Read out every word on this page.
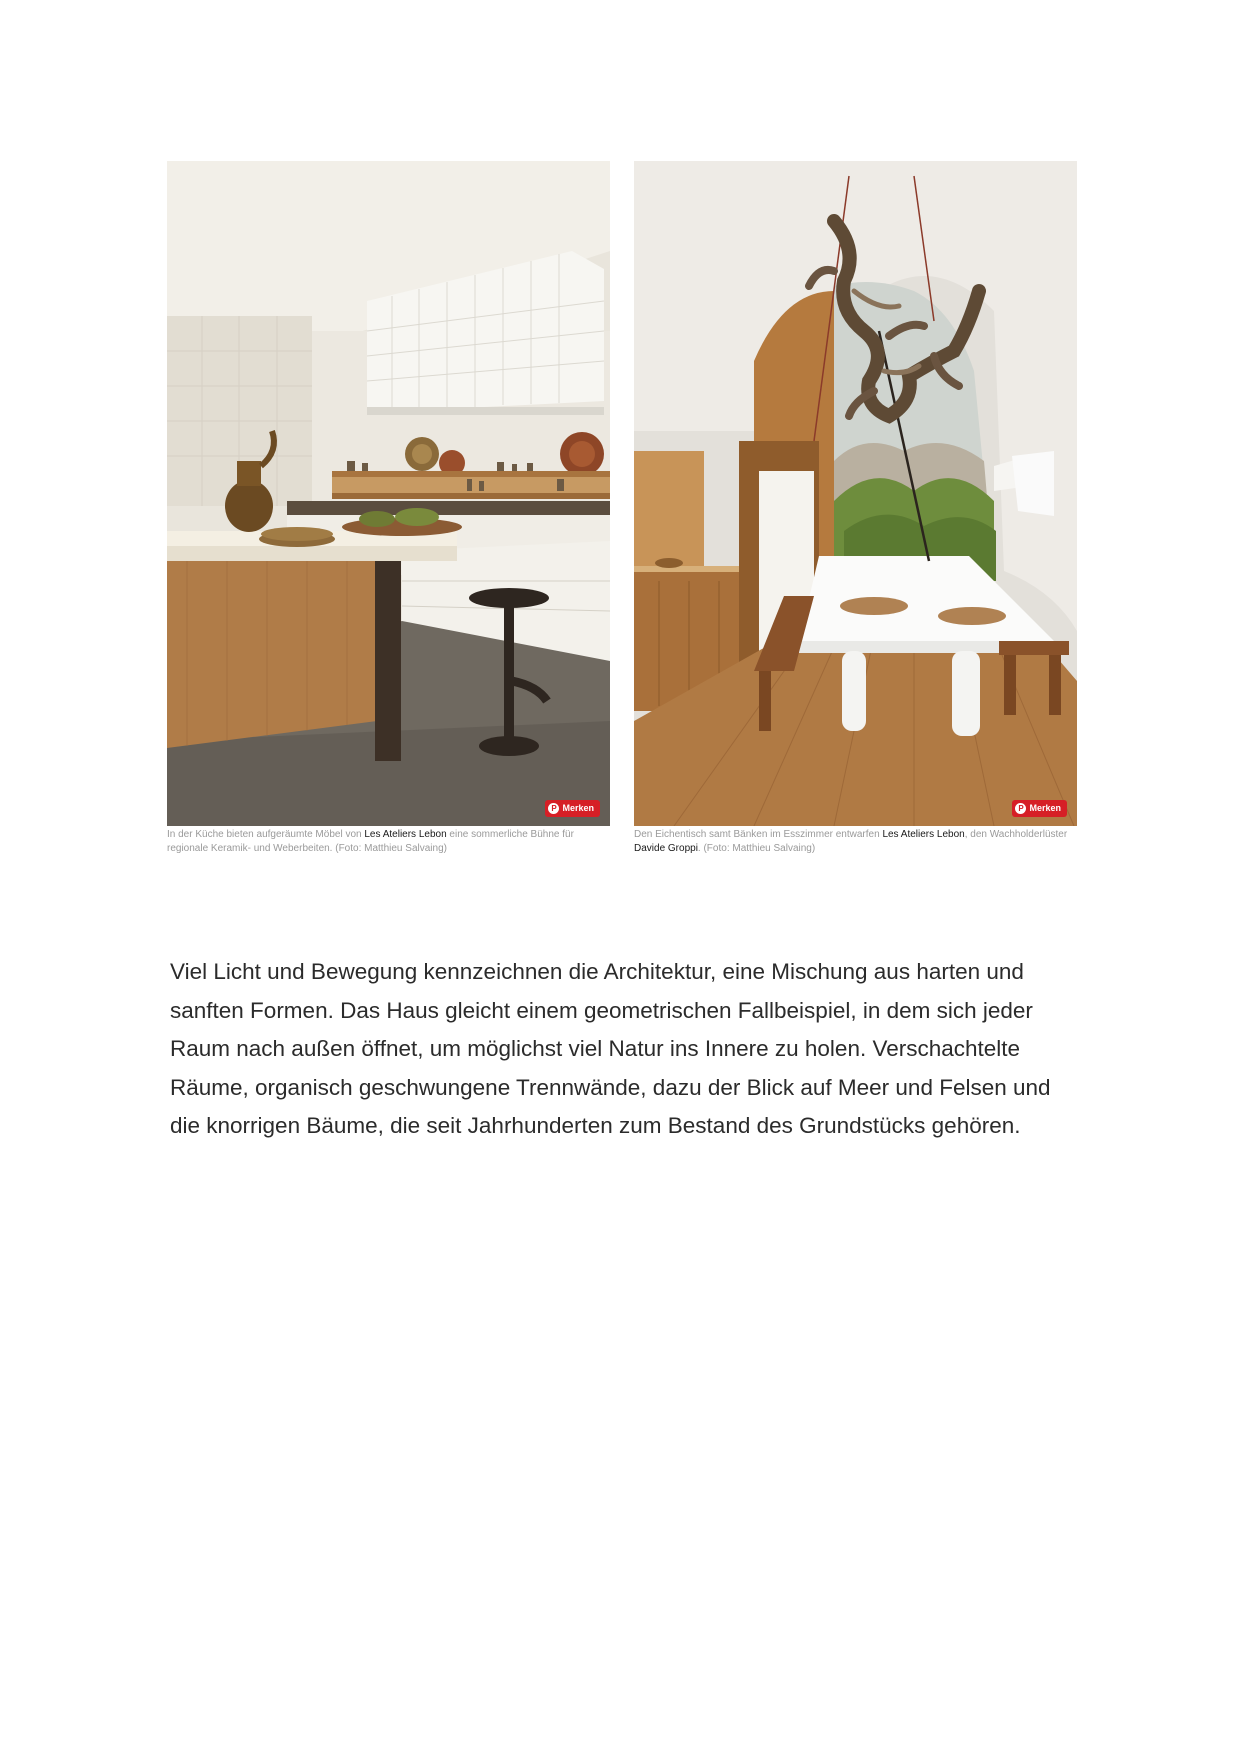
P Merken	P Merken
In der Küche bieten aufgeräumte Möbel von Les Ateliers Lebon eine sommerliche Bühne für regionale Keramik- und Weberbeiten. (Foto: Matthieu Salvaing)
Den Eichentisch samt Bänken im Esszimmer entwarfen Les Ateliers Lebon, den Wachholderlüster Davide Groppi. (Foto: Matthieu Salvaing)

Viel Licht und Bewegung kennzeichnen die Architektur, eine Mischung aus harten und sanften Formen. Das Haus gleicht einem geometrischen Fallbeispiel, in dem sich jeder Raum nach außen öffnet, um möglichst viel Natur ins Innere zu holen. Verschachtelte Räume, organisch geschwungene Trennwände, dazu der Blick auf Meer und Felsen und die knorrigen Bäume, die seit Jahrhunderten zum Bestand des Grundstücks gehören.
